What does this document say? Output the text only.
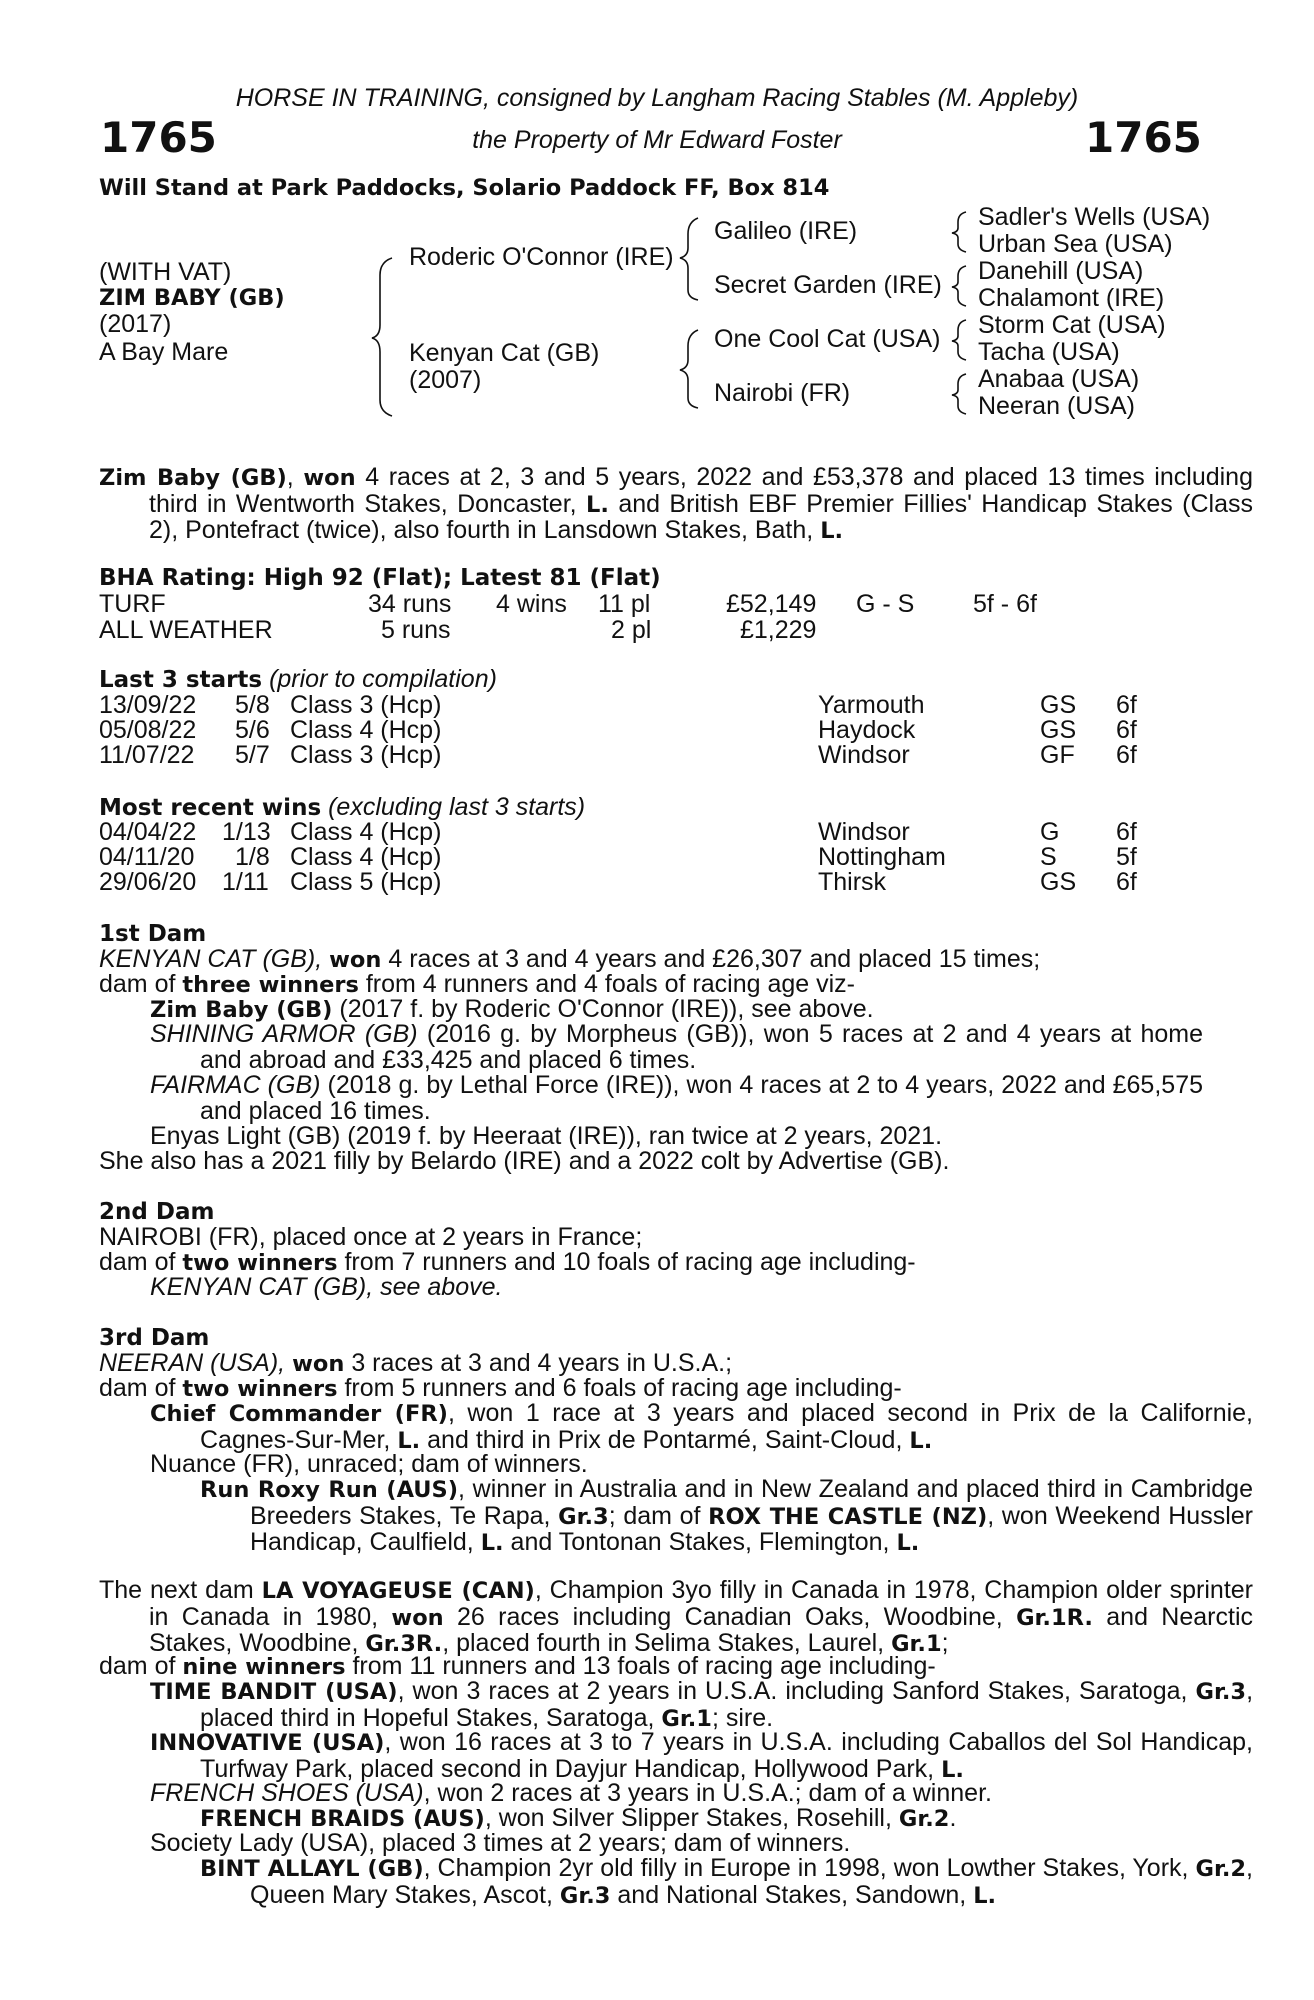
HORSE IN TRAINING, consigned by Langham Racing Stables (M. Appleby)
1765	the Property of Mr Edward Foster	1765
Will Stand at Park Paddocks, Solario Paddock FF, Box 814
(WITH VAT)
ZIM BABY (GB)
(2017)
A Bay Mare
Roderic O'Connor (IRE)
Kenyan Cat (GB)
(2007)
Galileo (IRE)
Secret Garden (IRE)
One Cool Cat (USA)
Nairobi (FR)
Sadler's Wells (USA)
Urban Sea (USA)
Danehill (USA)
Chalamont (IRE)
Storm Cat (USA)
Tacha (USA)
Anabaa (USA)
Neeran (USA)
Zim Baby (GB), won 4 races at 2, 3 and 5 years, 2022 and £53,378 and placed 13 times including third in Wentworth Stakes, Doncaster, L. and British EBF Premier Fillies' Handicap Stakes (Class 2), Pontefract (twice), also fourth in Lansdown Stakes, Bath, L.
BHA Rating: High 92 (Flat); Latest 81 (Flat)
TURF	34 runs 4 wins 11 pl	£52,149 G - S 5f - 6f
ALL WEATHER	5 runs	2 pl	£1,229
Last 3 starts (prior to compilation)
13/09/22 5/8 Class 3 (Hcp)	Yarmouth	GS 6f
05/08/22 5/6 Class 4 (Hcp)	Haydock	GS 6f
11/07/22 5/7 Class 3 (Hcp)	Windsor	GF 6f
Most recent wins (excluding last 3 starts)
04/04/22 1/13 Class 4 (Hcp)	Windsor	G 6f
04/11/20 1/8 Class 4 (Hcp)	Nottingham	S 5f
29/06/20 1/11 Class 5 (Hcp)	Thirsk	GS 6f
1st Dam
KENYAN CAT (GB), won 4 races at 3 and 4 years and £26,307 and placed 15 times;
dam of three winners from 4 runners and 4 foals of racing age viz-
Zim Baby (GB) (2017 f. by Roderic O'Connor (IRE)), see above.
SHINING ARMOR (GB) (2016 g. by Morpheus (GB)), won 5 races at 2 and 4 years at home and abroad and £33,425 and placed 6 times.
FAIRMAC (GB) (2018 g. by Lethal Force (IRE)), won 4 races at 2 to 4 years, 2022 and £65,575 and placed 16 times.
Enyas Light (GB) (2019 f. by Heeraat (IRE)), ran twice at 2 years, 2021.
She also has a 2021 filly by Belardo (IRE) and a 2022 colt by Advertise (GB).
2nd Dam
NAIROBI (FR), placed once at 2 years in France;
dam of two winners from 7 runners and 10 foals of racing age including-
KENYAN CAT (GB), see above.
3rd Dam
NEERAN (USA), won 3 races at 3 and 4 years in U.S.A.;
dam of two winners from 5 runners and 6 foals of racing age including-
Chief Commander (FR), won 1 race at 3 years and placed second in Prix de la Californie, Cagnes-Sur-Mer, L. and third in Prix de Pontarmé, Saint-Cloud, L.
Nuance (FR), unraced; dam of winners.
Run Roxy Run (AUS), winner in Australia and in New Zealand and placed third in Cambridge Breeders Stakes, Te Rapa, Gr.3; dam of ROX THE CASTLE (NZ), won Weekend Hussler Handicap, Caulfield, L. and Tontonan Stakes, Flemington, L.
The next dam LA VOYAGEUSE (CAN), Champion 3yo filly in Canada in 1978, Champion older sprinter in Canada in 1980, won 26 races including Canadian Oaks, Woodbine, Gr.1R. and Nearctic Stakes, Woodbine, Gr.3R., placed fourth in Selima Stakes, Laurel, Gr.1;
dam of nine winners from 11 runners and 13 foals of racing age including-
TIME BANDIT (USA), won 3 races at 2 years in U.S.A. including Sanford Stakes, Saratoga, Gr.3, placed third in Hopeful Stakes, Saratoga, Gr.1; sire.
INNOVATIVE (USA), won 16 races at 3 to 7 years in U.S.A. including Caballos del Sol Handicap, Turfway Park, placed second in Dayjur Handicap, Hollywood Park, L.
FRENCH SHOES (USA), won 2 races at 3 years in U.S.A.; dam of a winner.
FRENCH BRAIDS (AUS), won Silver Slipper Stakes, Rosehill, Gr.2.
Society Lady (USA), placed 3 times at 2 years; dam of winners.
BINT ALLAYL (GB), Champion 2yr old filly in Europe in 1998, won Lowther Stakes, York, Gr.2, Queen Mary Stakes, Ascot, Gr.3 and National Stakes, Sandown, L.
